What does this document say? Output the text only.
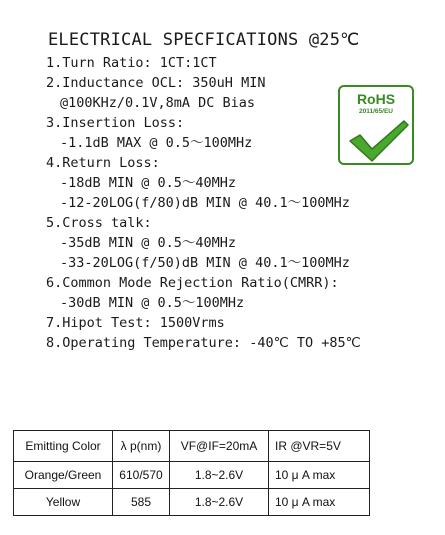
ELECTRICAL SPECFICATIONS @25℃
1.Turn Ratio: 1CT:1CT
2.Inductance OCL: 350uH MIN
@100KHz/0.1V,8mA DC Bias
3.Insertion Loss:
-1.1dB MAX @ 0.5～100MHz
4.Return Loss:
-18dB MIN @ 0.5～40MHz
-12-20LOG(f/80)dB MIN @ 40.1～100MHz
5.Cross talk:
-35dB MIN @ 0.5～40MHz
-33-20LOG(f/50)dB MIN @ 40.1～100MHz
6.Common Mode Rejection Ratio(CMRR):
-30dB MIN @ 0.5～100MHz
7.Hipot Test: 1500Vrms
8.Operating Temperature: -40℃ TO +85℃
RoHS
2011/65/EU
Emitting Color	λ p(nm)	VF@IF=20mA	IR @VR=5V
Orange/Green	610/570	1.8~2.6V	10 μ A max
Yellow	585	1.8~2.6V	10 μ A max
